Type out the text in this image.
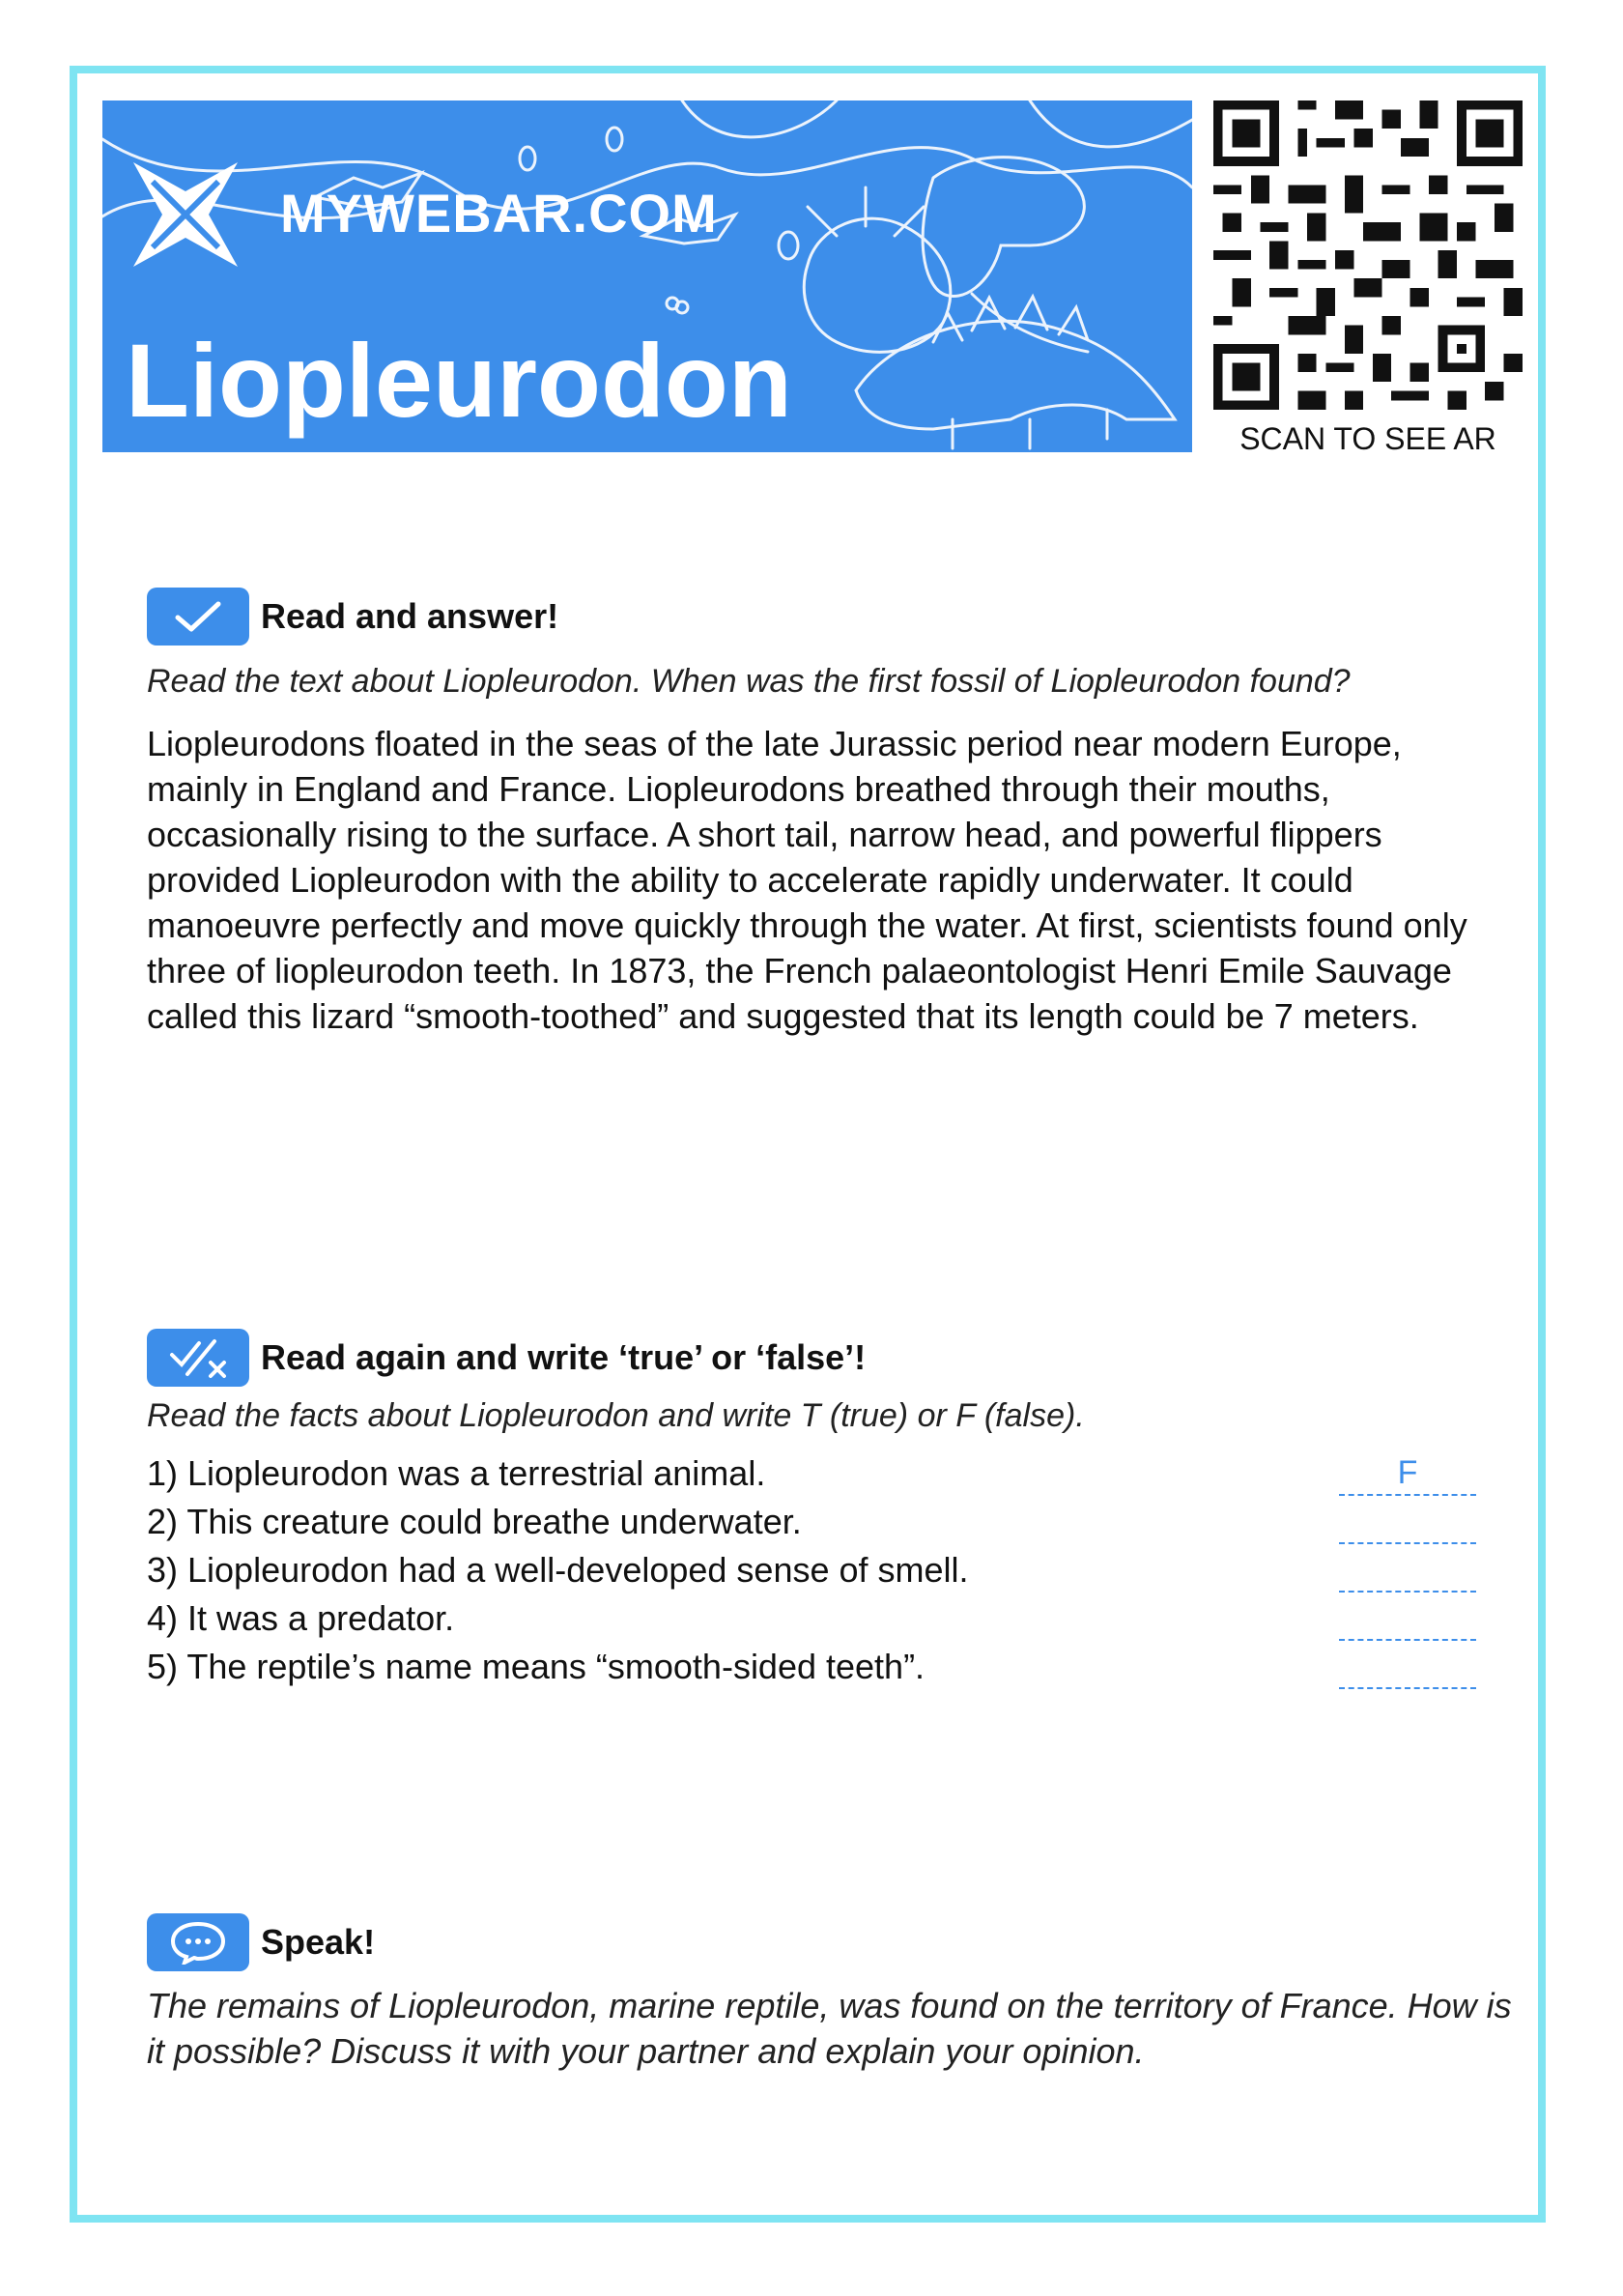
MYWEBAR.COM
Liopleurodon	SCAN TO SEE AR
Read and answer!
Read the text about Liopleurodon. When was the first fossil of Liopleurodon found?
Liopleurodons floated in the seas of the late Jurassic period near modern Europe, mainly in England and France. Liopleurodons breathed through their mouths, occasionally rising to the surface. A short tail, narrow head, and powerful flippers provided Liopleurodon with the ability to accelerate rapidly underwater. It could manoeuvre perfectly and move quickly through the water. At first, scientists found only three of liopleurodon teeth. In 1873, the French palaeontologist Henri Emile Sauvage called this lizard “smooth-toothed” and suggested that its length could be 7 meters.
Read again and write ‘true’ or ‘false’!
Read the facts about Liopleurodon and write T (true) or F (false).
1) Liopleurodon was a terrestrial animal.
2) This creature could breathe underwater.
3) Liopleurodon had a well-developed sense of smell.
4) It was a predator.
5) The reptile’s name means “smooth-sided teeth”.
F
Speak!
The remains of Liopleurodon, marine reptile, was found on the territory of France. How is it possible? Discuss it with your partner and explain your opinion.
